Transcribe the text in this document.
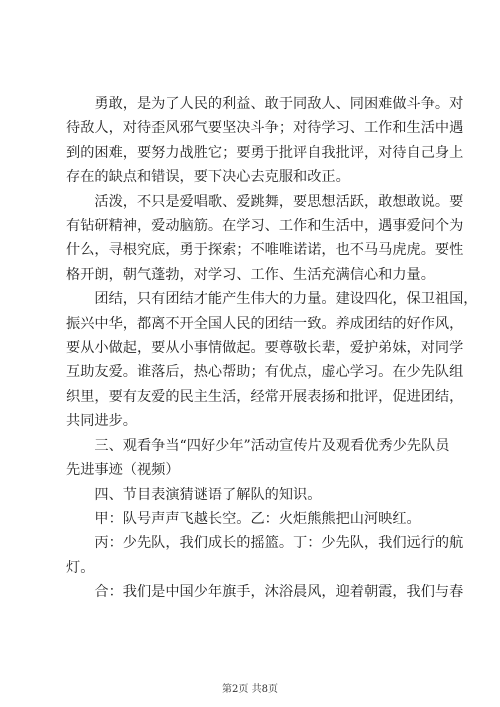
勇敢，是为了人民的利益、敢于同敌人、同困难做斗争。对
待敌人，对待歪风邪气要坚决斗争；对待学习、工作和生活中遇
到的困难，要努力战胜它；要勇于批评自我批评，对待自己身上
存在的缺点和错误，要下决心去克服和改正。

活泼，不只是爱唱歌、爱跳舞，要思想活跃，敢想敢说。要
有钻研精神，爱动脑筋。在学习、工作和生活中，遇事爱问个为
什么，寻根究底，勇于探索；不唯唯诺诺，也不马马虎虎。要性
格开朗，朝气蓬勃，对学习、工作、生活充满信心和力量。

团结，只有团结才能产生伟大的力量。建设四化，保卫祖国，
振兴中华，都离不开全国人民的团结一致。养成团结的好作风，
要从小做起，要从小事情做起。要尊敬长辈，爱护弟妹，对同学
互助友爱。谁落后，热心帮助；有优点，虚心学习。在少先队组
织里，要有友爱的民主生活，经常开展表扬和批评，促进团结，
共同进步。

三、观看争当“四好少年”活动宣传片及观看优秀少先队员
先进事迹（视频）

四、节目表演猜谜语了解队的知识。

甲：队号声声飞越长空。乙：火炬熊熊把山河映红。

丙：少先队，我们成长的摇篮。丁：少先队，我们远行的航
灯。

合：我们是中国少年旗手，沐浴晨风，迎着朝霞，我们与春

第2页 共8页
